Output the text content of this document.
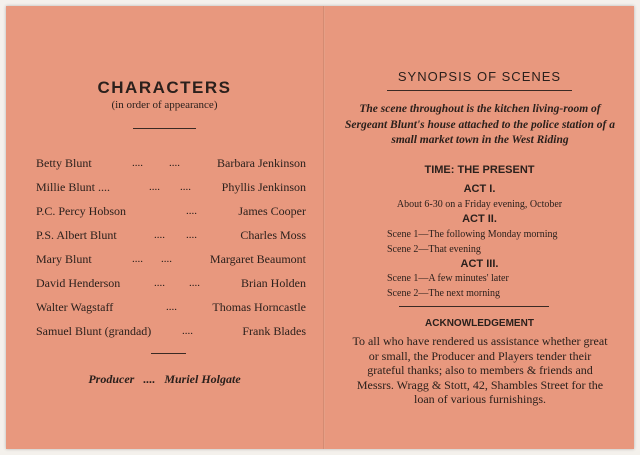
CHARACTERS
(in order of appearance)
Betty Blunt	.... ....	Barbara Jenkinson
Millie Blunt ....	.... ....	Phyllis Jenkinson
P.C. Percy Hobson	....	James Cooper
P.S. Albert Blunt	.... ....	Charles Moss
Mary Blunt	.... ....	Margaret Beaumont
David Henderson	.... ....	Brian Holden
Walter Wagstaff	....	Thomas Horncastle
Samuel Blunt (grandad)	....	Frank Blades
Producer .... Muriel Holgate
SYNOPSIS OF SCENES
The scene throughout is the kitchen living-room of Sergeant Blunt's house attached to the police station of a small market town in the West Riding
TIME: THE PRESENT
ACT I.
About 6-30 on a Friday evening, October
ACT II.
Scene 1—The following Monday morning
Scene 2—That evening
ACT III.
Scene 1—A few minutes' later
Scene 2—The next morning
ACKNOWLEDGEMENT
To all who have rendered us assistance whether great or small, the Producer and Players tender their grateful thanks; also to members & friends and Messrs. Wragg & Stott, 42, Shambles Street for the loan of various furnishings.
